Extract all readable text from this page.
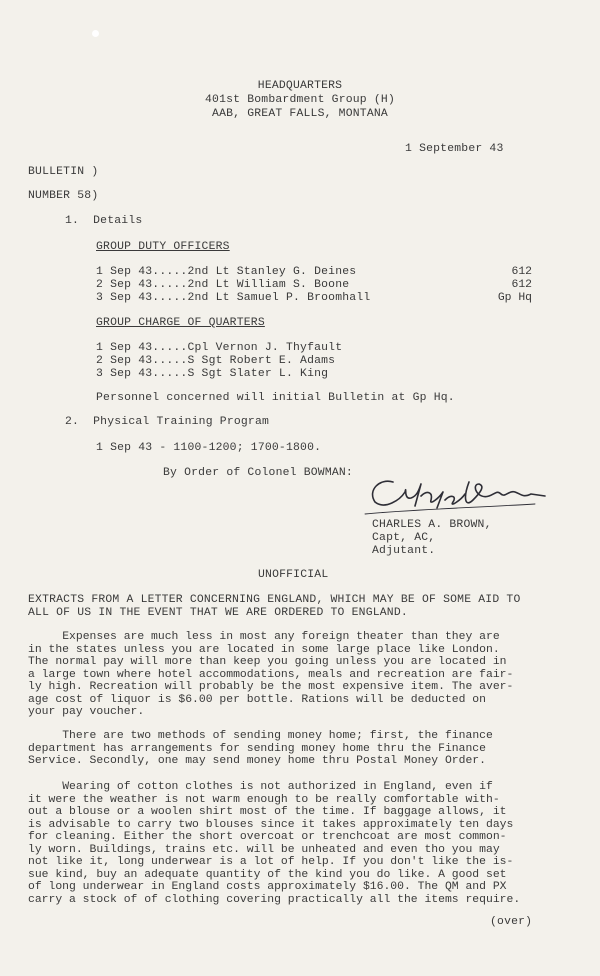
HEADQUARTERS
401st Bombardment Group (H)
AAB, GREAT FALLS, MONTANA
1 September 43
BULLETIN )
NUMBER 58)
1.  Details
GROUP DUTY OFFICERS
1 Sep 43.....2nd Lt Stanley G. Deines	612
2 Sep 43.....2nd Lt William S. Boone	612
3 Sep 43.....2nd Lt Samuel P. Broomhall	Gp Hq
GROUP CHARGE OF QUARTERS
1 Sep 43.....Cpl Vernon J. Thyfault
2 Sep 43.....S Sgt Robert E. Adams
3 Sep 43.....S Sgt Slater L. King
Personnel concerned will initial Bulletin at Gp Hq.
2.  Physical Training Program
1 Sep 43 - 1100-1200; 1700-1800.
By Order of Colonel BOWMAN:
CHARLES A. BROWN,
Capt, AC,
Adjutant.
UNOFFICIAL
EXTRACTS FROM A LETTER CONCERNING ENGLAND, WHICH MAY BE OF SOME AID TO
ALL OF US IN THE EVENT THAT WE ARE ORDERED TO ENGLAND.
Expenses are much less in most any foreign theater than they are
in the states unless you are located in some large place like London.
The normal pay will more than keep you going unless you are located in
a large town where hotel accommodations, meals and recreation are fair-
ly high. Recreation will probably be the most expensive item. The aver-
age cost of liquor is $6.00 per bottle. Rations will be deducted on
your pay voucher.
There are two methods of sending money home; first, the finance
department has arrangements for sending money home thru the Finance
Service. Secondly, one may send money home thru Postal Money Order.
Wearing of cotton clothes is not authorized in England, even if
it were the weather is not warm enough to be really comfortable with-
out a blouse or a woolen shirt most of the time. If baggage allows, it
is advisable to carry two blouses since it takes approximately ten days
for cleaning. Either the short overcoat or trenchcoat are most common-
ly worn. Buildings, trains etc. will be unheated and even tho you may
not like it, long underwear is a lot of help. If you don't like the is-
sue kind, buy an adequate quantity of the kind you do like. A good set
of long underwear in England costs approximately $16.00. The QM and PX
carry a stock of of clothing covering practically all the items require.
(over)
